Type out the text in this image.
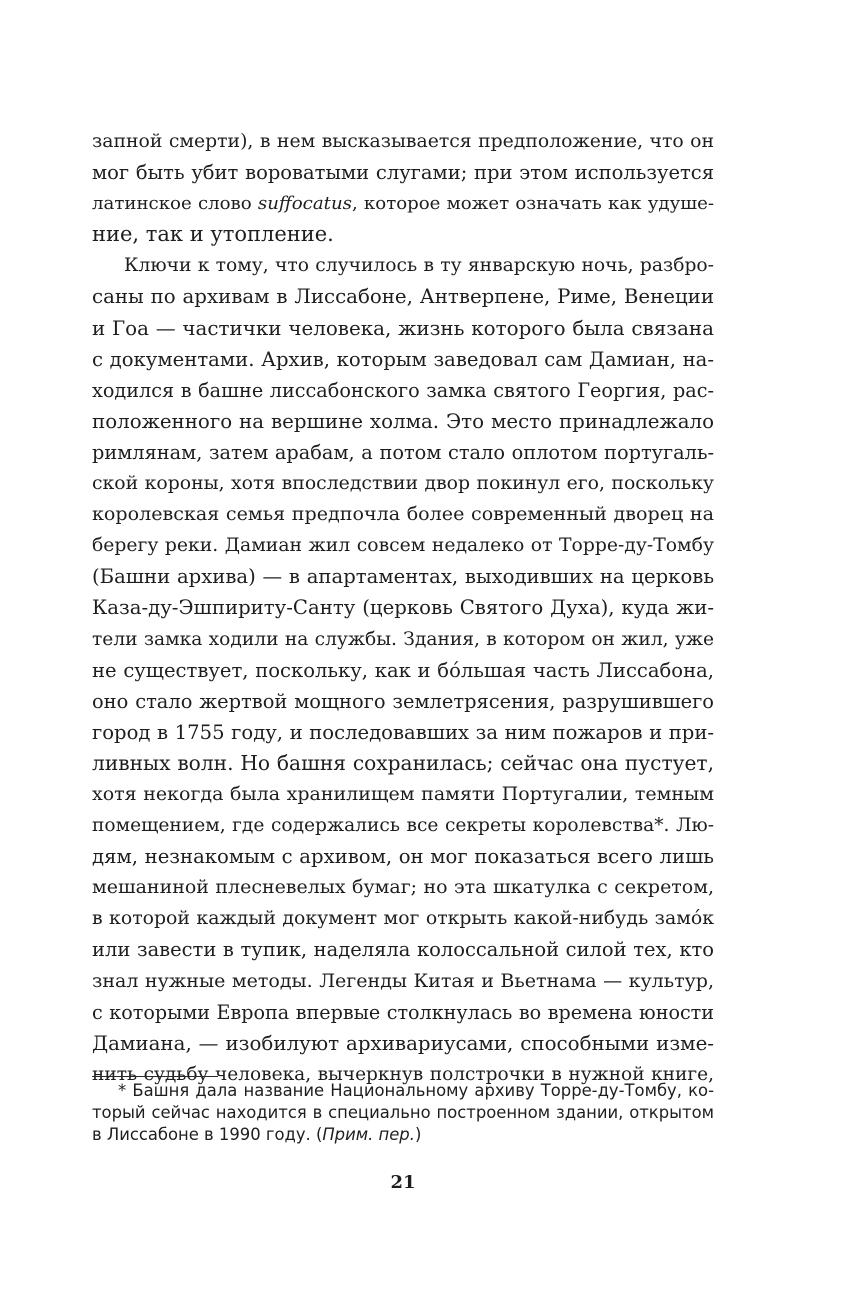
запной смерти), в нем высказывается предположение, что он
мог быть убит вороватыми слугами; при этом используется
латинское слово suffocatus, которое может означать как удуше-
ние, так и утопление.

Ключи к тому, что случилось в ту январскую ночь, разбро-
саны по архивам в Лиссабоне, Антверпене, Риме, Венеции
и Гоа — частички человека, жизнь которого была связана
с документами. Архив, которым заведовал сам Дамиан, на-
ходился в башне лиссабонского замка святого Георгия, рас-
положенного на вершине холма. Это место принадлежало
римлянам, затем арабам, а потом стало оплотом португаль-
ской короны, хотя впоследствии двор покинул его, поскольку
королевская семья предпочла более современный дворец на
берегу реки. Дамиан жил совсем недалеко от Торре-ду-Томбу
(Башни архива) — в апартаментах, выходивших на церковь
Каза-ду-Эшпириту-Санту (церковь Святого Духа), куда жи-
тели замка ходили на службы. Здания, в котором он жил, уже
не существует, поскольку, как и бóльшая часть Лиссабона,
оно стало жертвой мощного землетрясения, разрушившего
город в 1755 году, и последовавших за ним пожаров и при-
ливных волн. Но башня сохранилась; сейчас она пустует,
хотя некогда была хранилищем памяти Португалии, темным
помещением, где содержались все секреты королевства*. Лю-
дям, незнакомым с архивом, он мог показаться всего лишь
мешаниной плесневелых бумаг; но эта шкатулка с секретом,
в которой каждый документ мог открыть какой-нибудь замóк
или завести в тупик, наделяла колоссальной силой тех, кто
знал нужные методы. Легенды Китая и Вьетнама — культур,
с которыми Европа впервые столкнулась во времена юности
Дамиана, — изобилуют архивариусами, способными изме-
нить судьбу человека, вычеркнув полстрочки в нужной книге,

* Башня дала название Национальному архиву Торре-ду-Томбу, ко-
торый сейчас находится в специально построенном здании, открытом
в Лиссабоне в 1990 году. (Прим. пер.)
21
